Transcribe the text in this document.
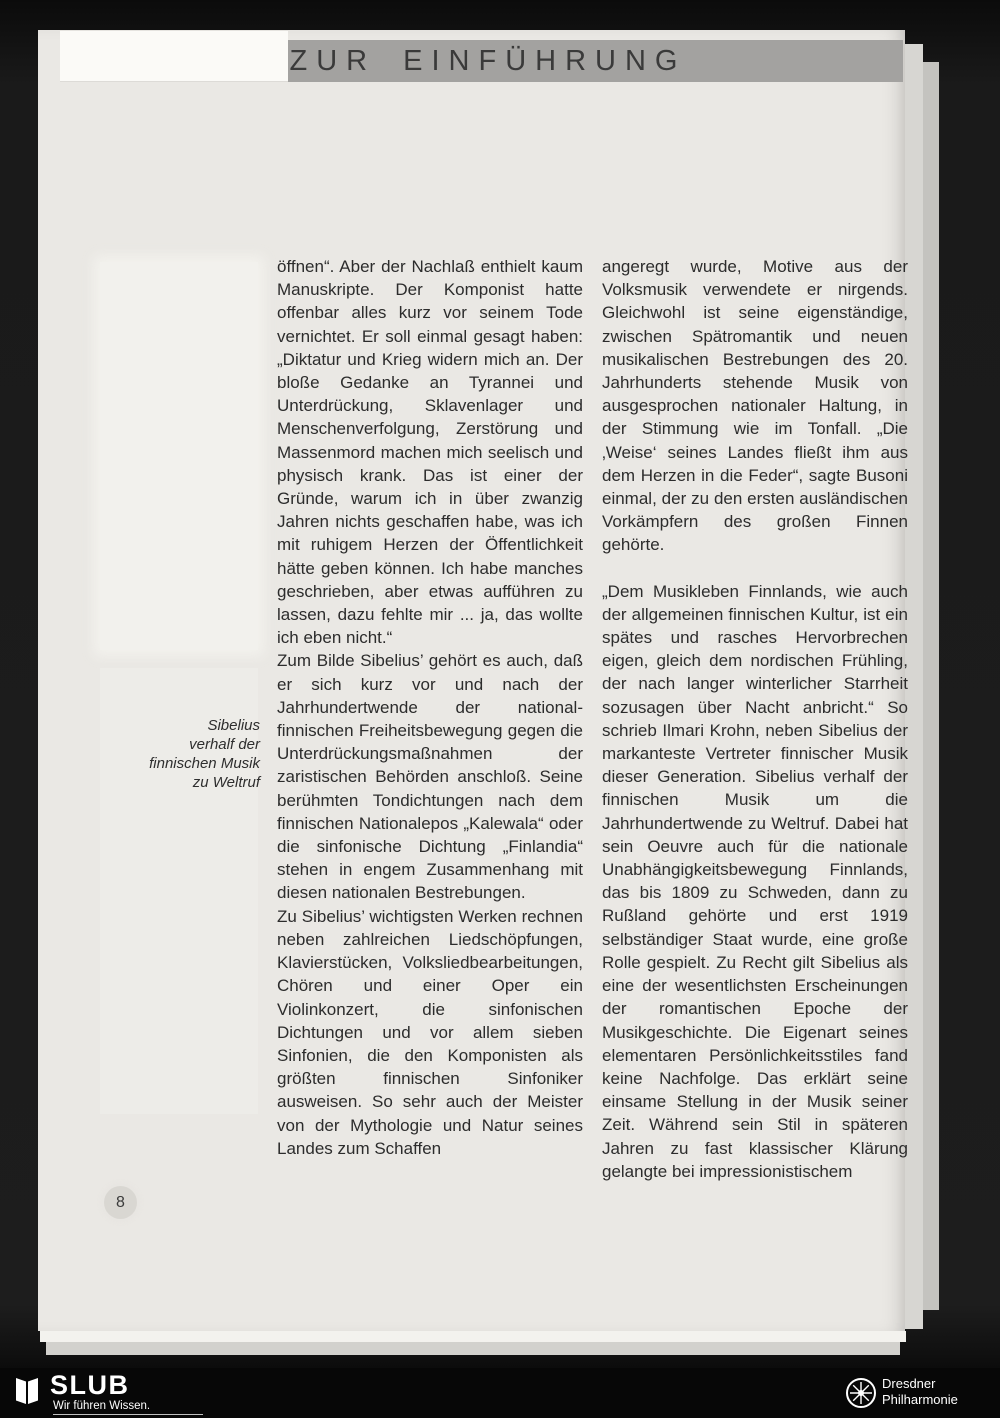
ZUR EINFÜHRUNG
Sibelius
verhalf der
finnischen Musik
zu Weltruf

öffnen“. Aber der Nachlaß enthielt kaum Manuskripte. Der Komponist hatte offenbar alles kurz vor seinem Tode vernichtet. Er soll einmal gesagt haben: „Diktatur und Krieg widern mich an. Der bloße Gedanke an Tyrannei und Unterdrückung, Sklavenlager und Menschenverfolgung, Zerstörung und Massenmord machen mich seelisch und physisch krank. Das ist einer der Gründe, warum ich in über zwanzig Jahren nichts geschaffen habe, was ich mit ruhigem Herzen der Öffentlichkeit hätte geben können. Ich habe manches geschrieben, aber etwas aufführen zu lassen, dazu fehlte mir ... ja, das wollte ich eben nicht.“

Zum Bilde Sibelius’ gehört es auch, daß er sich kurz vor und nach der Jahrhundertwende der national-finnischen Freiheitsbewegung gegen die Unterdrückungsmaßnahmen der zaristischen Behörden anschloß. Seine berühmten Tondichtungen nach dem finnischen Nationalepos „Kalewala“ oder die sinfonische Dichtung „Finlandia“ stehen in engem Zusammenhang mit diesen nationalen Bestrebungen.

Zu Sibelius’ wichtigsten Werken rechnen neben zahlreichen Liedschöpfungen, Klavierstücken, Volksliedbearbeitungen, Chören und einer Oper ein Violinkonzert, die sinfonischen Dichtungen und vor allem sieben Sinfonien, die den Komponisten als größten finnischen Sinfoniker ausweisen. So sehr auch der Meister von der Mythologie und Natur seines Landes zum Schaffen

angeregt wurde, Motive aus der Volksmusik verwendete er nirgends. Gleichwohl ist seine eigenständige, zwischen Spätromantik und neuen musikalischen Bestrebungen des 20. Jahrhunderts stehende Musik von ausgesprochen nationaler Haltung, in der Stimmung wie im Tonfall. „Die ‚Weise‘ seines Landes fließt ihm aus dem Herzen in die Feder“, sagte Busoni einmal, der zu den ersten ausländischen Vorkämpfern des großen Finnen gehörte.

„Dem Musikleben Finnlands, wie auch der allgemeinen finnischen Kultur, ist ein spätes und rasches Hervorbrechen eigen, gleich dem nordischen Frühling, der nach langer winterlicher Starrheit sozusagen über Nacht anbricht.“ So schrieb Ilmari Krohn, neben Sibelius der markanteste Vertreter finnischer Musik dieser Generation. Sibelius verhalf der finnischen Musik um die Jahrhundertwende zu Weltruf. Dabei hat sein Oeuvre auch für die nationale Unabhängigkeitsbewegung Finnlands, das bis 1809 zu Schweden, dann zu Rußland gehörte und erst 1919 selbständiger Staat wurde, eine große Rolle gespielt. Zu Recht gilt Sibelius als eine der wesentlichsten Erscheinungen der romantischen Epoche der Musikgeschichte. Die Eigenart seines elementaren Persönlichkeitsstiles fand keine Nachfolge. Das erklärt seine einsame Stellung in der Musik seiner Zeit. Während sein Stil in späteren Jahren zu fast klassischer Klärung gelangte bei impressionistischem

8
SLUB
Wir führen Wissen.
Dresdner
Philharmonie
